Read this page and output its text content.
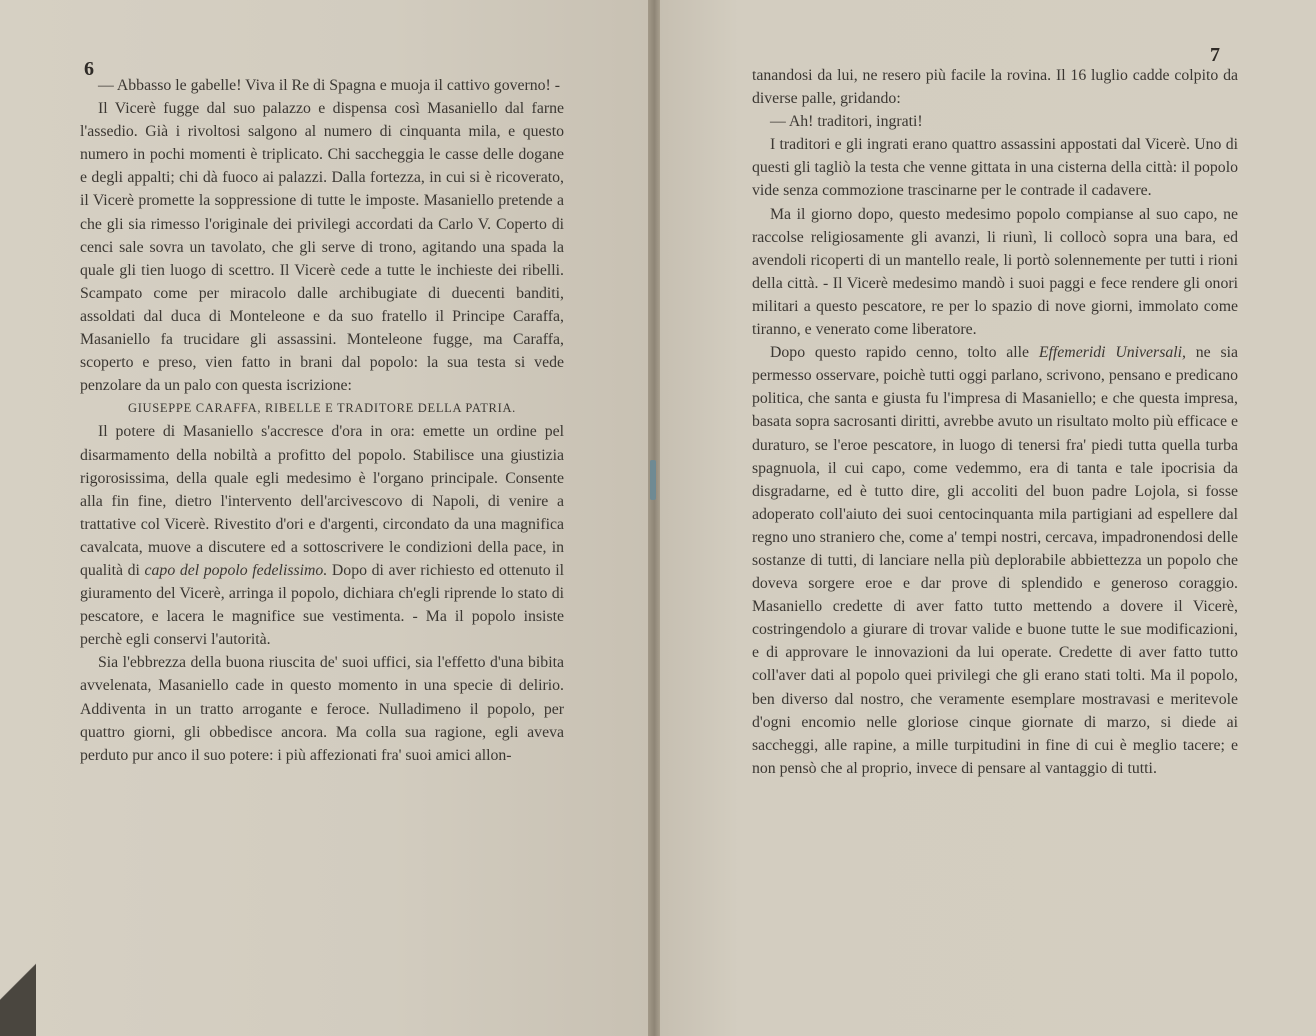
6

— Abbasso le gabelle! Viva il Re di Spagna e muoja il cattivo governo! -

Il Vicerè fugge dal suo palazzo e dispensa così Masaniello dal farne l'assedio. Già i rivoltosi salgono al numero di cinquanta mila, e questo numero in pochi momenti è triplicato. Chi saccheggia le casse delle dogane e degli appalti; chi dà fuoco ai palazzi. Dalla fortezza, in cui si è ricoverato, il Vicerè promette la soppressione di tutte le imposte. Masaniello pretende a che gli sia rimesso l'originale dei privilegi accordati da Carlo V. Coperto di cenci sale sovra un tavolato, che gli serve di trono, agitando una spada la quale gli tien luogo di scettro. Il Vicerè cede a tutte le inchieste dei ribelli. Scampato come per miracolo dalle archibugiate di duecenti banditi, assoldati dal duca di Monteleone e da suo fratello il Principe Caraffa, Masaniello fa trucidare gli assassini. Monteleone fugge, ma Caraffa, scoperto e preso, vien fatto in brani dal popolo: la sua testa si vede penzolare da un palo con questa iscrizione:

GIUSEPPE CARAFFA, RIBELLE E TRADITORE DELLA PATRIA.

Il potere di Masaniello s'accresce d'ora in ora: emette un ordine pel disarmamento della nobiltà a profitto del popolo. Stabilisce una giustizia rigorosissima, della quale egli medesimo è l'organo principale. Consente alla fin fine, dietro l'intervento dell'arcivescovo di Napoli, di venire a trattative col Vicerè. Rivestito d'ori e d'argenti, circondato da una magnifica cavalcata, muove a discutere ed a sottoscrivere le condizioni della pace, in qualità di capo del popolo fedelissimo. Dopo di aver richiesto ed ottenuto il giuramento del Vicerè, arringa il popolo, dichiara ch'egli riprende lo stato di pescatore, e lacera le magnifice sue vestimenta. - Ma il popolo insiste perchè egli conservi l'autorità.

Sia l'ebbrezza della buona riuscita de' suoi uffici, sia l'effetto d'una bibita avvelenata, Masaniello cade in questo momento in una specie di delirio. Addiventa in un tratto arrogante e feroce. Nulladimeno il popolo, per quattro giorni, gli obbedisce ancora. Ma colla sua ragione, egli aveva perduto pur anco il suo potere: i più affezionati fra' suoi amici allon-

7

tanandosi da lui, ne resero più facile la rovina. Il 16 luglio cadde colpito da diverse palle, gridando:

— Ah! traditori, ingrati!

I traditori e gli ingrati erano quattro assassini appostati dal Vicerè. Uno di questi gli tagliò la testa che venne gittata in una cisterna della città: il popolo vide senza commozione trascinarne per le contrade il cadavere.

Ma il giorno dopo, questo medesimo popolo compianse al suo capo, ne raccolse religiosamente gli avanzi, li riunì, li collocò sopra una bara, ed avendoli ricoperti di un mantello reale, li portò solennemente per tutti i rioni della città. - Il Vicerè medesimo mandò i suoi paggi e fece rendere gli onori militari a questo pescatore, re per lo spazio di nove giorni, immolato come tiranno, e venerato come liberatore.

Dopo questo rapido cenno, tolto alle Effemeridi Universali, ne sia permesso osservare, poichè tutti oggi parlano, scrivono, pensano e predicano politica, che santa e giusta fu l'impresa di Masaniello; e che questa impresa, basata sopra sacrosanti diritti, avrebbe avuto un risultato molto più efficace e duraturo, se l'eroe pescatore, in luogo di tenersi fra' piedi tutta quella turba spagnuola, il cui capo, come vedemmo, era di tanta e tale ipocrisia da disgradarne, ed è tutto dire, gli accoliti del buon padre Lojola, si fosse adoperato coll'aiuto dei suoi centocinquanta mila partigiani ad espellere dal regno uno straniero che, come a' tempi nostri, cercava, impadronendosi delle sostanze di tutti, di lanciare nella più deplorabile abbiettezza un popolo che doveva sorgere eroe e dar prove di splendido e generoso coraggio. Masaniello credette di aver fatto tutto mettendo a dovere il Vicerè, costringendolo a giurare di trovar valide e buone tutte le sue modificazioni, e di approvare le innovazioni da lui operate. Credette di aver fatto tutto coll'aver dati al popolo quei privilegi che gli erano stati tolti. Ma il popolo, ben diverso dal nostro, che veramente esemplare mostravasi e meritevole d'ogni encomio nelle gloriose cinque giornate di marzo, si diede ai saccheggi, alle rapine, a mille turpitudini in fine di cui è meglio tacere; e non pensò che al proprio, invece di pensare al vantaggio di tutti.
